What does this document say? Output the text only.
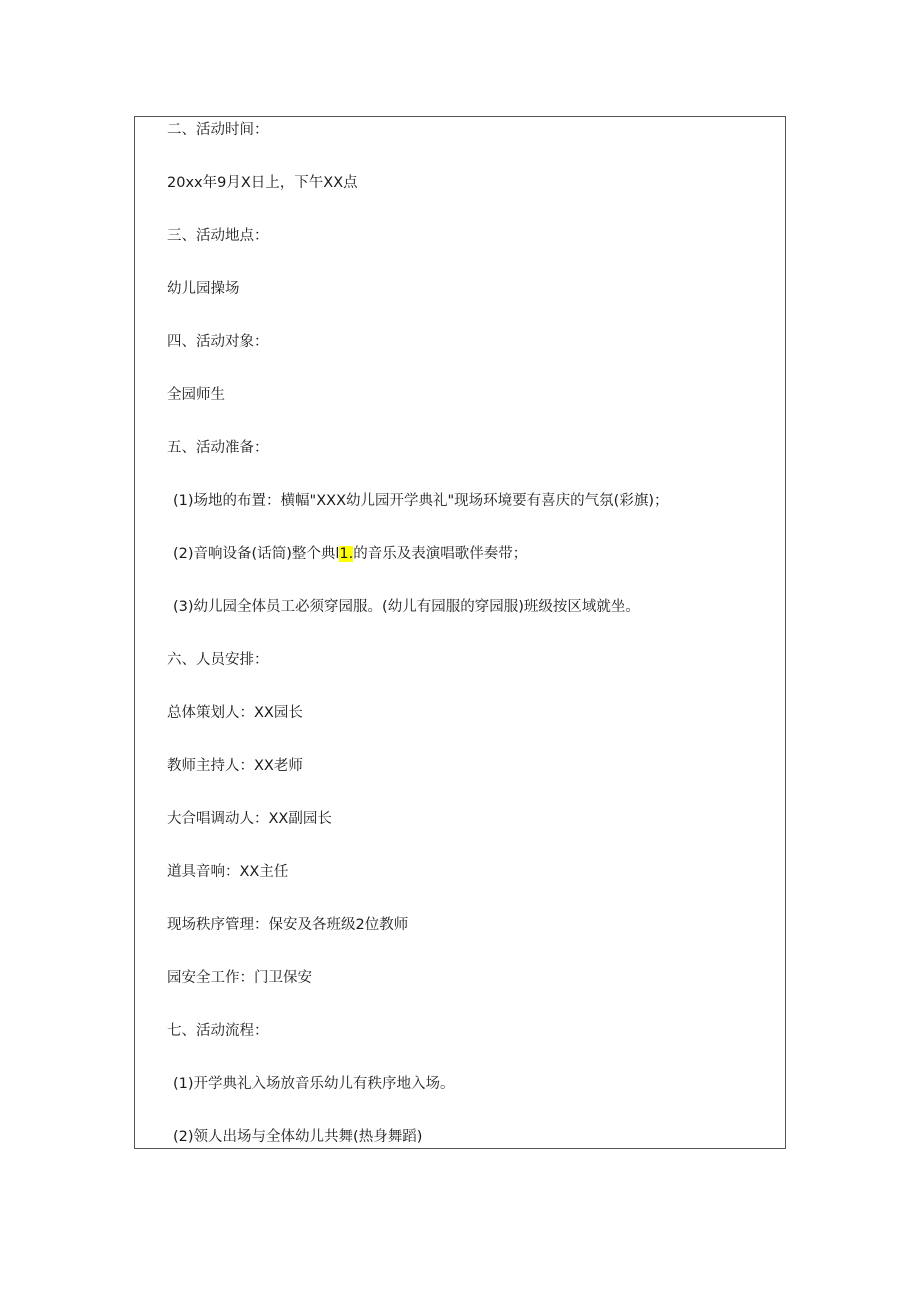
二、活动时间：
20xx年9月X日上，下午XX点
三、活动地点：
幼儿园操场
四、活动对象：
全园师生
五、活动准备：
(1)场地的布置：横幅"XXX幼儿园开学典礼"现场环境要有喜庆的气氛(彩旗)；
(2)音响设备(话筒)整个典l1.的音乐及表演唱歌伴奏带；
(3)幼儿园全体员工必须穿园服。(幼儿有园服的穿园服)班级按区域就坐。
六、人员安排：
总体策划人：XX园长
教师主持人：XX老师
大合唱调动人：XX副园长
道具音响：XX主任
现场秩序管理：保安及各班级2位教师
园安全工作：门卫保安
七、活动流程：
(1)开学典礼入场放音乐幼儿有秩序地入场。
(2)领人出场与全体幼儿共舞(热身舞蹈)
